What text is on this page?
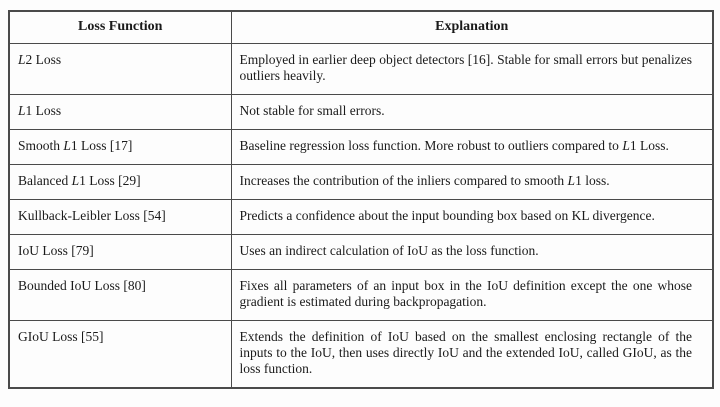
Loss Function	Explanation
L2 Loss	Employed in earlier deep object detectors [16]. Stable for small errors but penalizes outliers heavily.
L1 Loss	Not stable for small errors.
Smooth L1 Loss [17]	Baseline regression loss function. More robust to outliers compared to L1 Loss.
Balanced L1 Loss [29]	Increases the contribution of the inliers compared to smooth L1 loss.
Kullback-Leibler Loss [54]	Predicts a confidence about the input bounding box based on KL divergence.
IoU Loss [79]	Uses an indirect calculation of IoU as the loss function.
Bounded IoU Loss [80]	Fixes all parameters of an input box in the IoU definition except the one whose gradient is estimated during backpropagation.
GIoU Loss [55]	Extends the definition of IoU based on the smallest enclosing rectangle of the inputs to the IoU, then uses directly IoU and the extended IoU, called GIoU, as the loss function.
